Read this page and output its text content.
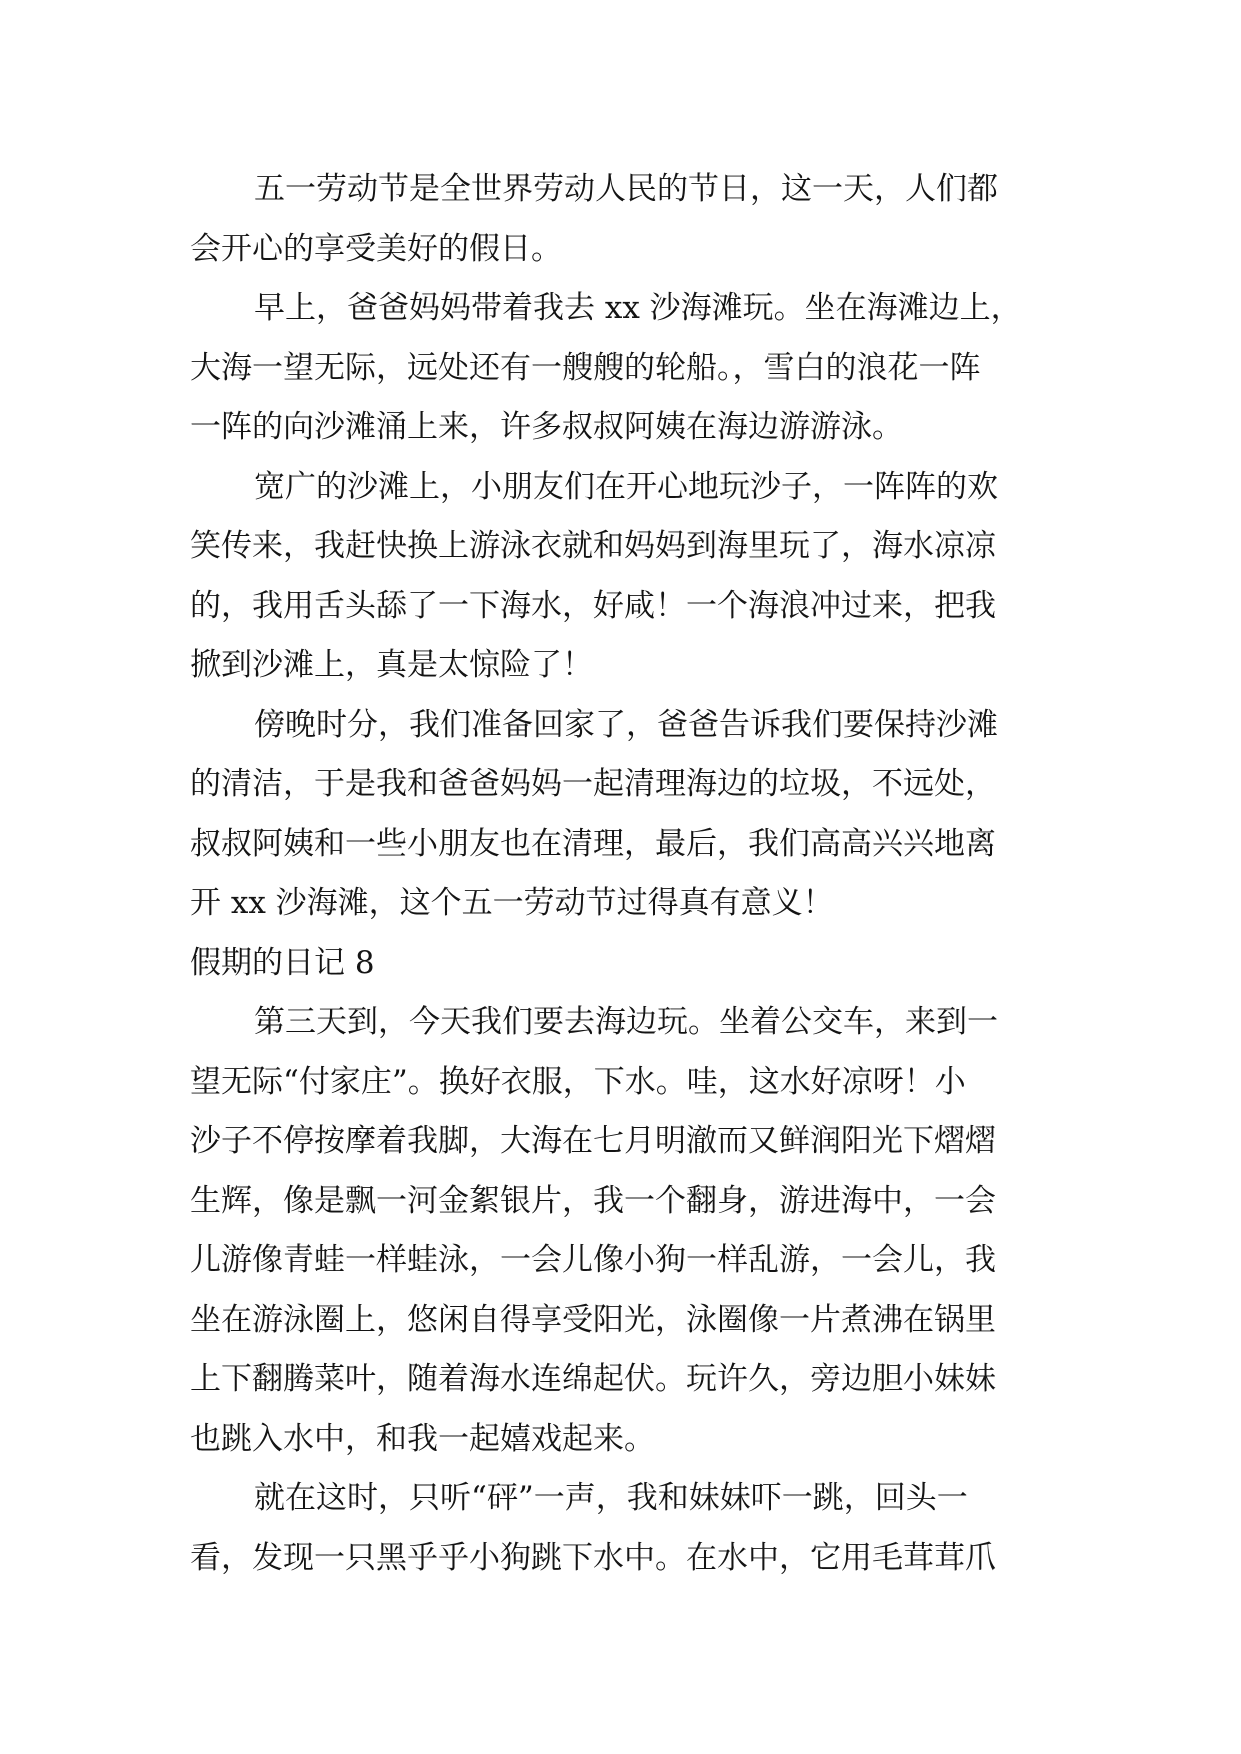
五一劳动节是全世界劳动人民的节日，这一天，人们都
会开心的享受美好的假日。
早上，爸爸妈妈带着我去 xx 沙海滩玩。坐在海滩边上，
大海一望无际，远处还有一艘艘的轮船。，雪白的浪花一阵
一阵的向沙滩涌上来，许多叔叔阿姨在海边游游泳。
宽广的沙滩上，小朋友们在开心地玩沙子，一阵阵的欢
笑传来，我赶快换上游泳衣就和妈妈到海里玩了，海水凉凉
的，我用舌头舔了一下海水，好咸！一个海浪冲过来，把我
掀到沙滩上，真是太惊险了！
傍晚时分，我们准备回家了，爸爸告诉我们要保持沙滩
的清洁，于是我和爸爸妈妈一起清理海边的垃圾，不远处，
叔叔阿姨和一些小朋友也在清理，最后，我们高高兴兴地离
开 xx 沙海滩，这个五一劳动节过得真有意义！
假期的日记 8
第三天到，今天我们要去海边玩。坐着公交车，来到一
望无际“付家庄”。换好衣服，下水。哇，这水好凉呀！小
沙子不停按摩着我脚，大海在七月明澈而又鲜润阳光下熠熠
生辉，像是飘一河金絮银片，我一个翻身，游进海中，一会
儿游像青蛙一样蛙泳，一会儿像小狗一样乱游，一会儿，我
坐在游泳圈上，悠闲自得享受阳光，泳圈像一片煮沸在锅里
上下翻腾菜叶，随着海水连绵起伏。玩许久，旁边胆小妹妹
也跳入水中，和我一起嬉戏起来。
就在这时，只听“砰”一声，我和妹妹吓一跳，回头一
看，发现一只黑乎乎小狗跳下水中。在水中，它用毛茸茸爪
